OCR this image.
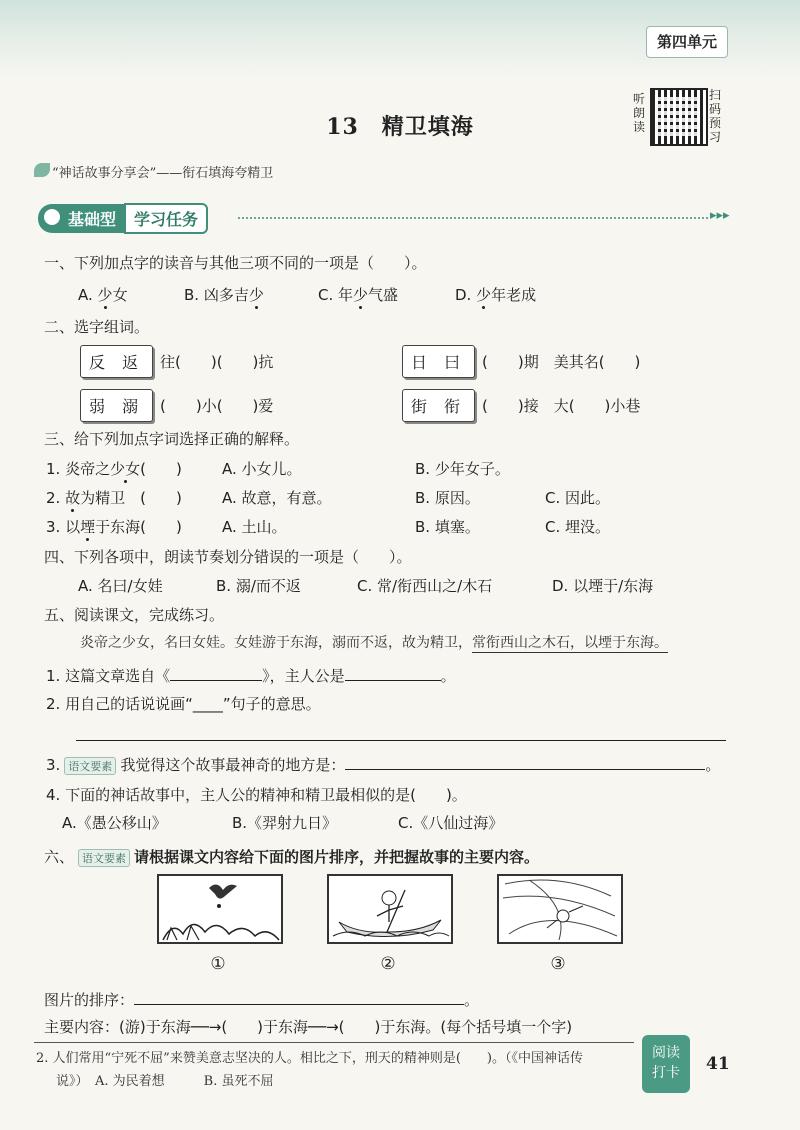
第四单元
13　精卫填海
听朗读
扫码预习
“神话故事分享会”——衔石填海夸精卫
基础型	学习任务	▸▸▸
一、下列加点字的读音与其他三项不同的一项是（　　）。
A. 少女	B. 凶多吉少	C. 年少气盛	D. 少年老成
二、选字组词。
反 返	往(　　)(　　)抗	日 曰	(　　)期　美其名(　　)
弱 溺	(　　)小(　　)爱	街 衔	(　　)接　大(　　)小巷
三、给下列加点字词选择正确的解释。
1. 炎帝之少女(　　)	A. 小女儿。	B. 少年女子。
2. 故为精卫　(　　)	A. 故意，有意。	B. 原因。	C. 因此。
3. 以堙于东海(　　)	A. 土山。	B. 填塞。	C. 埋没。
四、下列各项中，朗读节奏划分错误的一项是（　　）。
A. 名曰/女娃	B. 溺/而不返	C. 常/衔西山之/木石	D. 以堙于/东海
五、阅读课文，完成练习。
炎帝之少女，名曰女娃。女娃游于东海，溺而不返，故为精卫，常衔西山之木石，以堙于东海。
1. 这篇文章选自《	》，主人公是	。
2. 用自己的话说说画“____”句子的意思。
3. 语文要素 我觉得这个故事最神奇的地方是：	。
4. 下面的神话故事中，主人公的精神和精卫最相似的是(　　)。
A.《愚公移山》	B.《羿射九日》	C.《八仙过海》
六、 语文要素 请根据课文内容给下面的图片排序，并把握故事的主要内容。
①	②	③
图片的排序：	。
主要内容：(游)于东海──→(　　)于东海──→(　　)于东海。(每个括号填一个字)
2. 人们常用“宁死不屈”来赞美意志坚决的人。相比之下，刑天的精神则是(　　)。（《中国神话传
说》）　A. 为民着想　　　B. 虽死不屈
阅读
打卡	41
